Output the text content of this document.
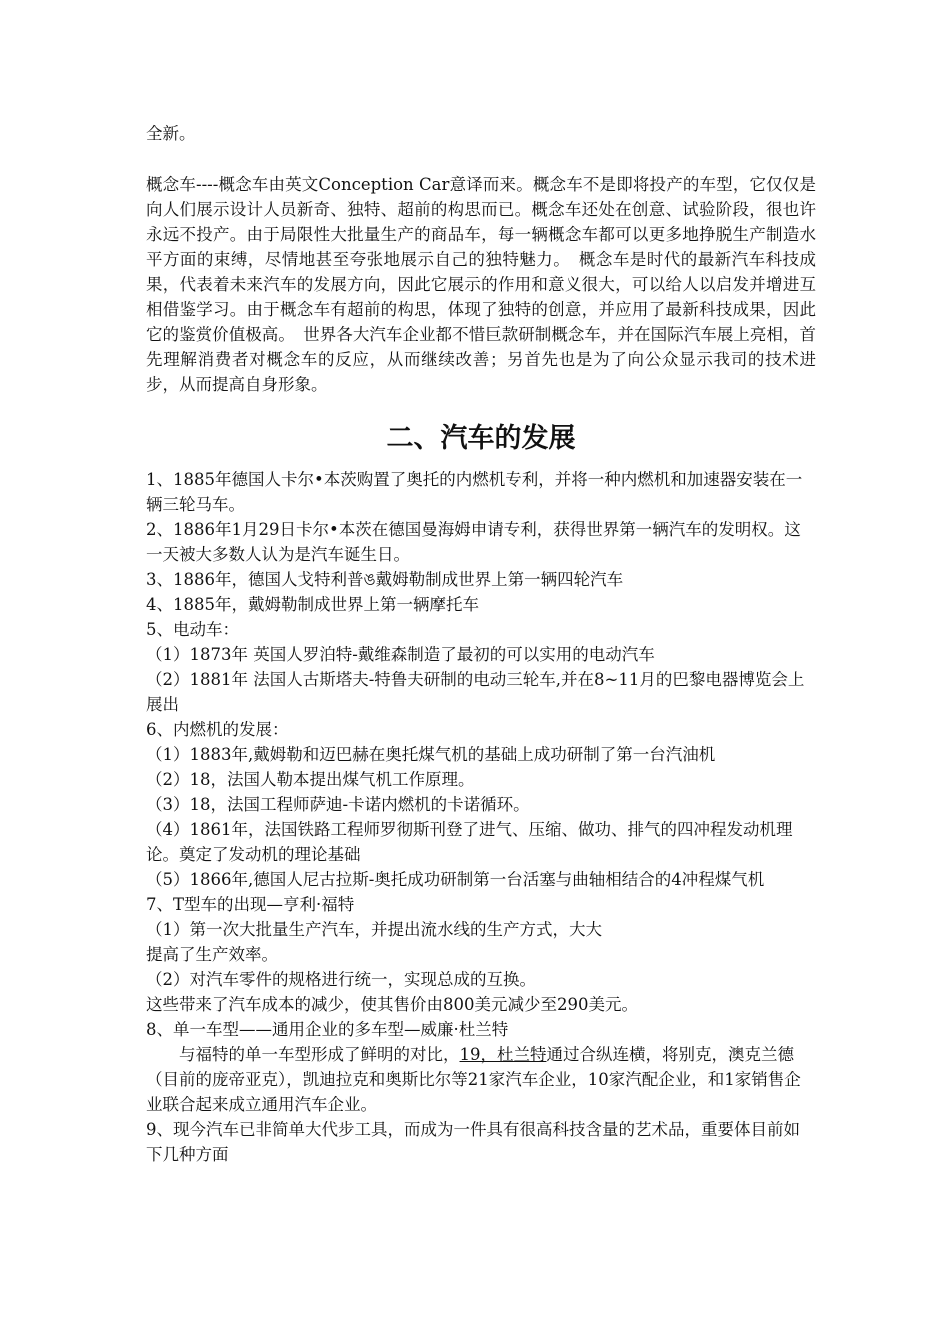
全新。

概念车----概念车由英文Conception Car意译而来。概念车不是即将投产的车型，它仅仅是向人们展示设计人员新奇、独特、超前的构思而已。概念车还处在创意、试验阶段，很也许永远不投产。由于局限性大批量生产的商品车，每一辆概念车都可以更多地挣脱生产制造水平方面的束缚，尽情地甚至夸张地展示自己的独特魅力。　概念车是时代的最新汽车科技成果，代表着未来汽车的发展方向，因此它展示的作用和意义很大，可以给人以启发并增进互相借鉴学习。由于概念车有超前的构思，体现了独特的创意，并应用了最新科技成果，因此它的鉴赏价值极高。　世界各大汽车企业都不惜巨款研制概念车，并在国际汽车展上亮相，首先理解消费者对概念车的反应，从而继续改善；另首先也是为了向公众显示我司的技术进步，从而提高自身形象。

二、汽车的发展

1、1885年德国人卡尔•本茨购置了奥托的内燃机专利，并将一种内燃机和加速器安装在一辆三轮马车。

2、1886年1月29日卡尔•本茨在德国曼海姆申请专利，获得世界第一辆汽车的发明权。这一天被大多数人认为是汽车诞生日。

3、1886年，德国人戈特利普ঙ戴姆勒制成世界上第一辆四轮汽车

4、1885年，戴姆勒制成世界上第一辆摩托车

5、电动车：

（1）1873年 英国人罗泊特-戴维森制造了最初的可以实用的电动汽车

（2）1881年 法国人古斯塔夫-特鲁夫研制的电动三轮车,并在8~11月的巴黎电器博览会上展出

6、内燃机的发展：

（1）1883年,戴姆勒和迈巴赫在奥托煤气机的基础上成功研制了第一台汽油机

（2）18，法国人勒本提出煤气机工作原理。

（3）18，法国工程师萨迪-卡诺内燃机的卡诺循环。

（4）1861年，法国铁路工程师罗彻斯刊登了进气、压缩、做功、排气的四冲程发动机理论。奠定了发动机的理论基础

（5）1866年,德国人尼古拉斯-奥托成功研制第一台活塞与曲轴相结合的4冲程煤气机

7、T型车的出现—亨利·福特

（1）第一次大批量生产汽车，并提出流水线的生产方式，大大

提高了生产效率。

（2）对汽车零件的规格进行统一，实现总成的互换。

这些带来了汽车成本的减少，使其售价由800美元减少至290美元。

8、单一车型——通用企业的多车型—威廉·杜兰特

与福特的单一车型形成了鲜明的对比，19，杜兰特通过合纵连横，将别克，澳克兰德（目前的庞帝亚克），凯迪拉克和奥斯比尔等21家汽车企业，10家汽配企业，和1家销售企业联合起来成立通用汽车企业。

9、现今汽车已非简单大代步工具，而成为一件具有很高科技含量的艺术品，重要体目前如下几种方面
